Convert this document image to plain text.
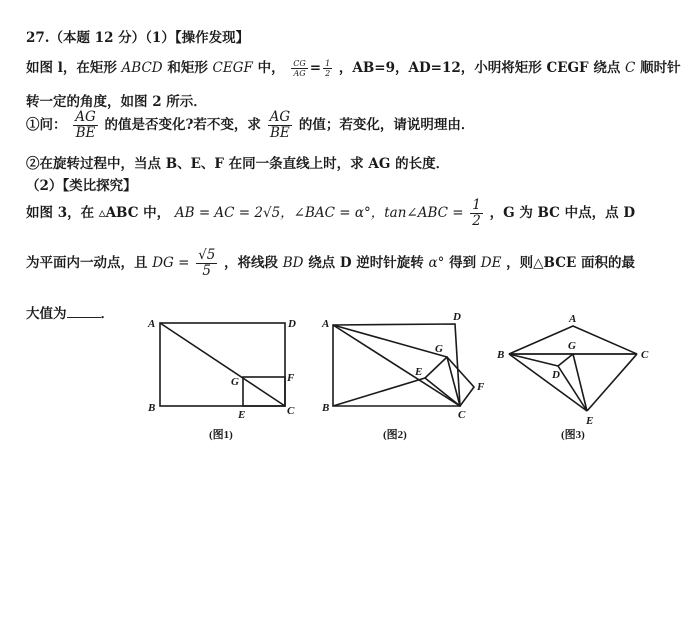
27.（本题 12 分）（1）【操作发现】
如图 l，在矩形 ABCD 和矩形 CEGF 中， $\frac{CG}{AG} = \frac{1}{2}$ ，AB=9，AD=12，小明将矩形 CEGF 绕点 C 顺时针
转一定的角度，如图 2 所示．
①问： $\frac{AG}{BE}$ 的值是否变化?若不变，求 $\frac{AG}{BE}$ 的值；若变化，请说明理由．
②在旋转过程中，当点 B、E、F 在同一条直线上时，求 AG 的长度．
（2）【类比探究】
如图 3，在 ▵ABC 中， AB = AC = 2√5，∠BAC = α°，tan∠ABC = $\frac{1}{2}$ ，G 为 BC 中点，点 D
为平面内一动点，且 DG = $\frac{√5}{5}$ ，将线段 BD 绕点 D 逆时针旋转 α° 得到 DE ，则△BCE 面积的最
大值为	．
A
B	C
D
E
F
G
A
B
C
D
E
F
G
A
B	C
D
E
G
(图1)	(图2)	(图3)
